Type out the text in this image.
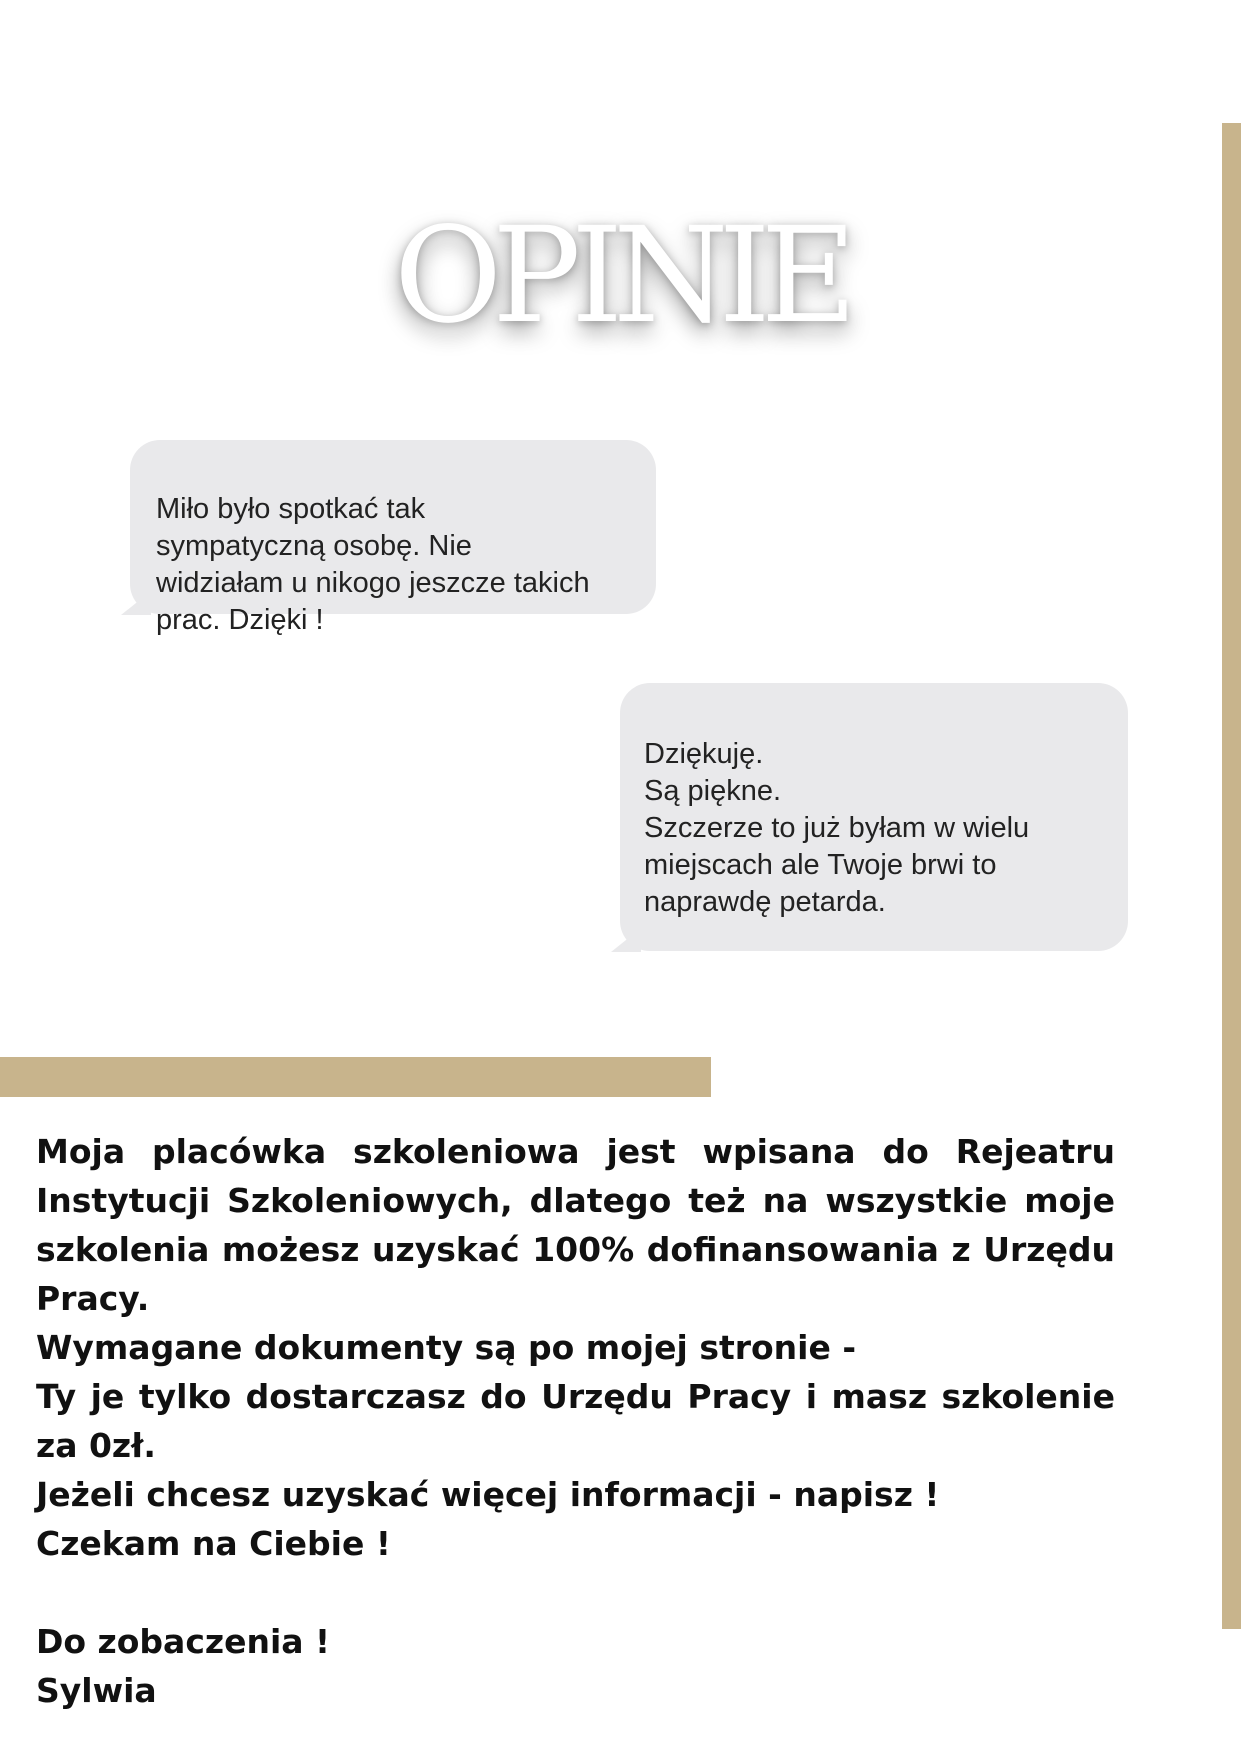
OPINIE

Miło było spotkać tak
sympatyczną osobę. Nie
widziałam u nikogo jeszcze takich
prac. Dzięki !

Dziękuję.
Są piękne.
Szczerze to już byłam w wielu
miejscach ale Twoje brwi to
naprawdę petarda.

Moja placówka szkoleniowa jest wpisana do Rejeatru Instytucji Szkoleniowych, dlatego też na wszystkie moje szkolenia możesz uzyskać 100% dofinansowania z Urzędu Pracy.

Wymagane dokumenty są po mojej stronie -

Ty je tylko dostarczasz do Urzędu Pracy i masz szkolenie za 0zł.

Jeżeli chcesz uzyskać więcej informacji - napisz !

Czekam na Ciebie !

Do zobaczenia !

Sylwia
